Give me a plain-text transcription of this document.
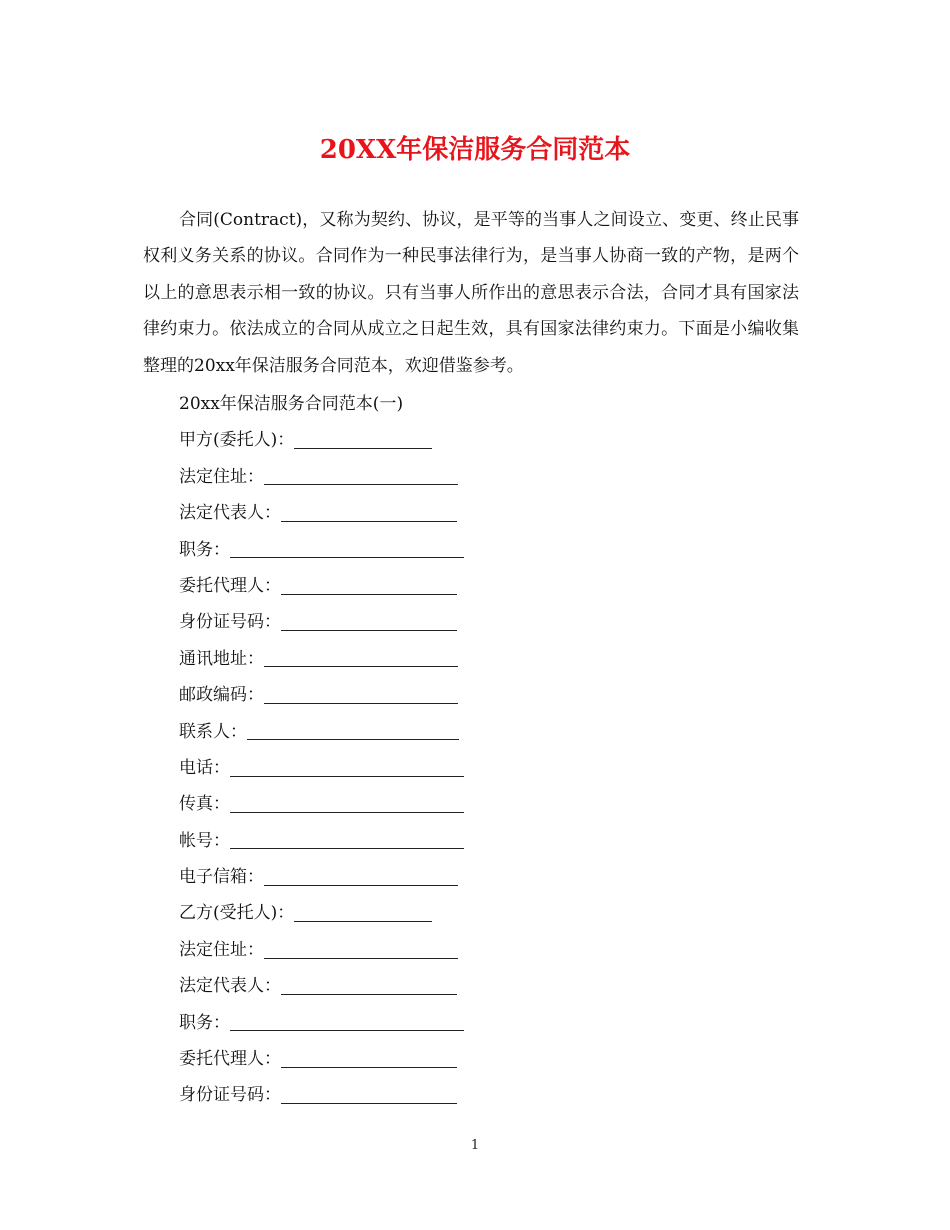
20XX年保洁服务合同范本

合同(Contract)，又称为契约、协议，是平等的当事人之间设立、变更、终止民事权利义务关系的协议。合同作为一种民事法律行为，是当事人协商一致的产物，是两个以上的意思表示相一致的协议。只有当事人所作出的意思表示合法，合同才具有国家法律约束力。依法成立的合同从成立之日起生效，具有国家法律约束力。下面是小编收集整理的20xx年保洁服务合同范本，欢迎借鉴参考。

20xx年保洁服务合同范本(一)
甲方(委托人)：
法定住址：
法定代表人：
职务：
委托代理人：
身份证号码：
通讯地址：
邮政编码：
联系人：
电话：
传真：
帐号：
电子信箱：
乙方(受托人)：
法定住址：
法定代表人：
职务：
委托代理人：
身份证号码：
1
